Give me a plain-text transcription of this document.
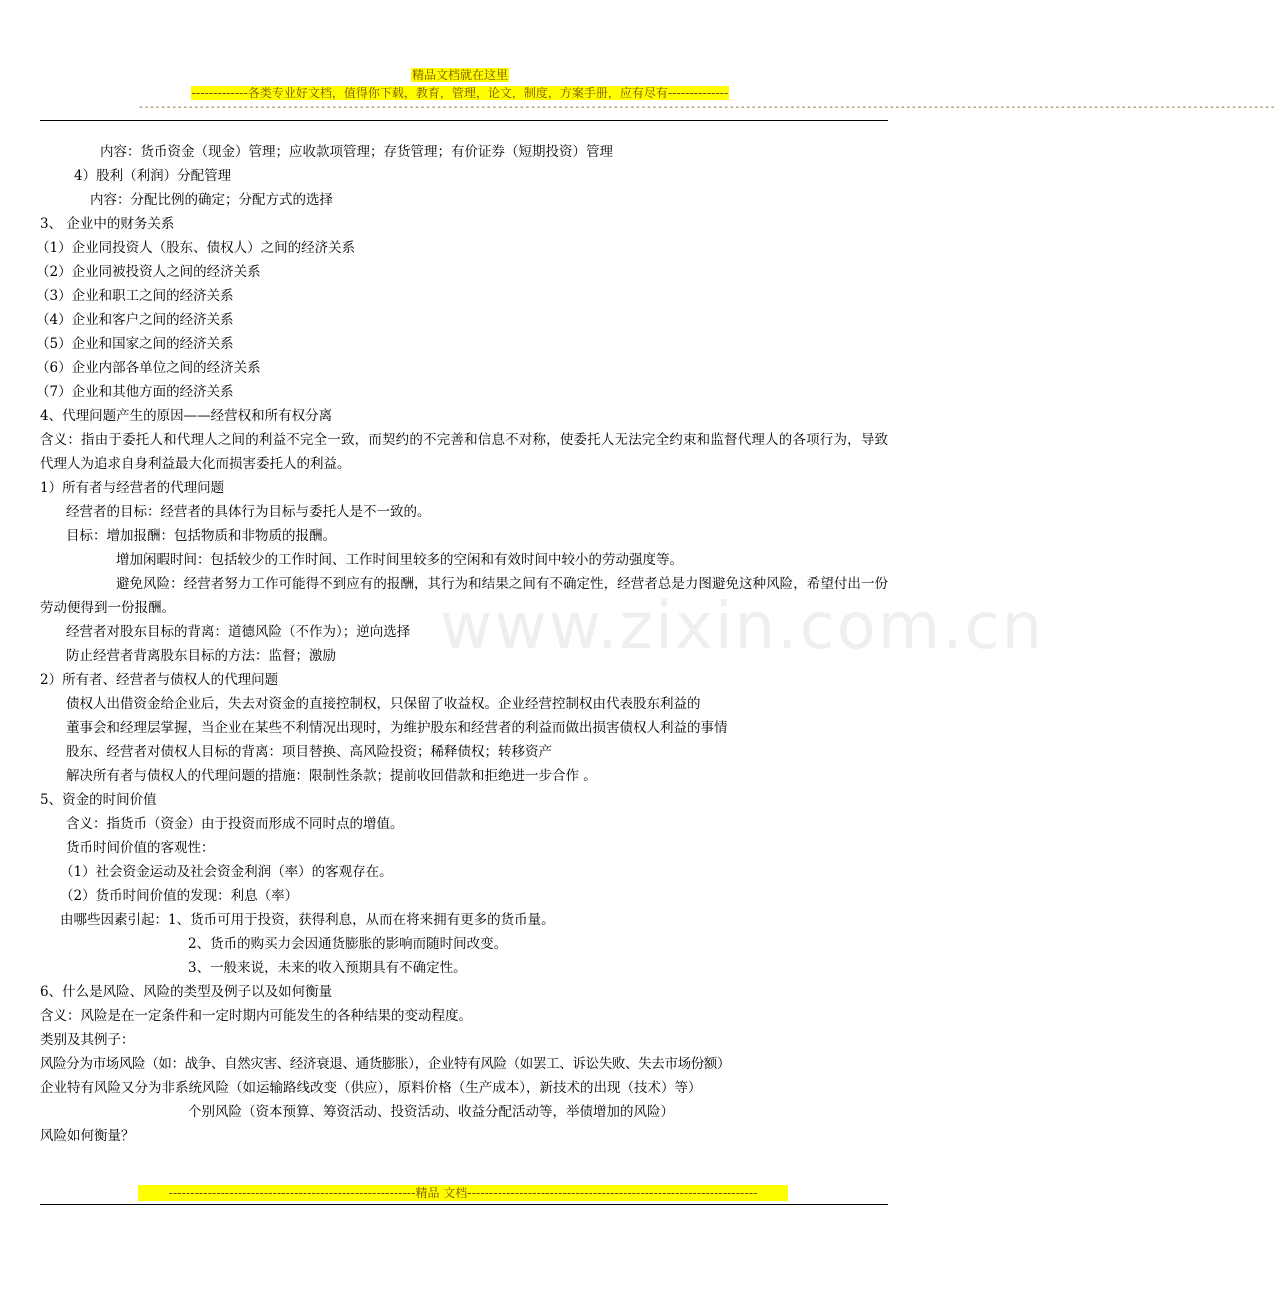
精品文档就在这里
-------------各类专业好文档，值得你下载，教育，管理，论文，制度，方案手册，应有尽有--------------
--------------------------------------------------------------------------------------------------------------------------------------------------------------------------------------------------------------
www.zixin.com.cn
内容：货币资金（现金）管理；应收款项管理；存货管理；有价证券（短期投资）管理
4）股利（利润）分配管理
内容：分配比例的确定；分配方式的选择
3、 企业中的财务关系
（1）企业同投资人（股东、债权人）之间的经济关系
（2）企业同被投资人之间的经济关系
（3）企业和职工之间的经济关系
（4）企业和客户之间的经济关系
（5）企业和国家之间的经济关系
（6）企业内部各单位之间的经济关系
（7）企业和其他方面的经济关系
4、代理问题产生的原因——经营权和所有权分离
含义：指由于委托人和代理人之间的利益不完全一致，而契约的不完善和信息不对称，使委托人无法完全约束和监督代理人的各项行为，导致代理人为追求自身利益最大化而损害委托人的利益。
1）所有者与经营者的代理问题
经营者的目标：经营者的具体行为目标与委托人是不一致的。
目标：增加报酬：包括物质和非物质的报酬。
增加闲暇时间：包括较少的工作时间、工作时间里较多的空闲和有效时间中较小的劳动强度等。
避免风险：经营者努力工作可能得不到应有的报酬，其行为和结果之间有不确定性，经营者总是力图避免这种风险，希望付出一份劳动便得到一份报酬。
经营者对股东目标的背离：道德风险（不作为）；逆向选择
防止经营者背离股东目标的方法：监督；激励
2）所有者、经营者与债权人的代理问题
债权人出借资金给企业后，失去对资金的直接控制权，只保留了收益权。企业经营控制权由代表股东利益的
董事会和经理层掌握，当企业在某些不利情况出现时，为维护股东和经营者的利益而做出损害债权人利益的事情
股东、经营者对债权人目标的背离：项目替换、高风险投资；稀释债权；转移资产
解决所有者与债权人的代理问题的措施：限制性条款；提前收回借款和拒绝进一步合作 。
5、资金的时间价值
含义：指货币（资金）由于投资而形成不同时点的增值。
货币时间价值的客观性：
（1）社会资金运动及社会资金利润（率）的客观存在。
（2）货币时间价值的发现：利息（率）
由哪些因素引起：1、货币可用于投资，获得利息，从而在将来拥有更多的货币量。
2、货币的购买力会因通货膨胀的影响而随时间改变。
3、一般来说，未来的收入预期具有不确定性。
6、什么是风险、风险的类型及例子以及如何衡量
含义：风险是在一定条件和一定时期内可能发生的各种结果的变动程度。
类别及其例子：
风险分为市场风险（如：战争、自然灾害、经济衰退、通货膨胀），企业特有风险（如罢工、诉讼失败、失去市场份额）
企业特有风险又分为非系统风险（如运输路线改变（供应），原料价格（生产成本），新技术的出现（技术）等）
个别风险（资本预算、筹资活动、投资活动、收益分配活动等，举债增加的风险）
风险如何衡量？
---------------------------------------------------------精品 文档-------------------------------------------------------------------
